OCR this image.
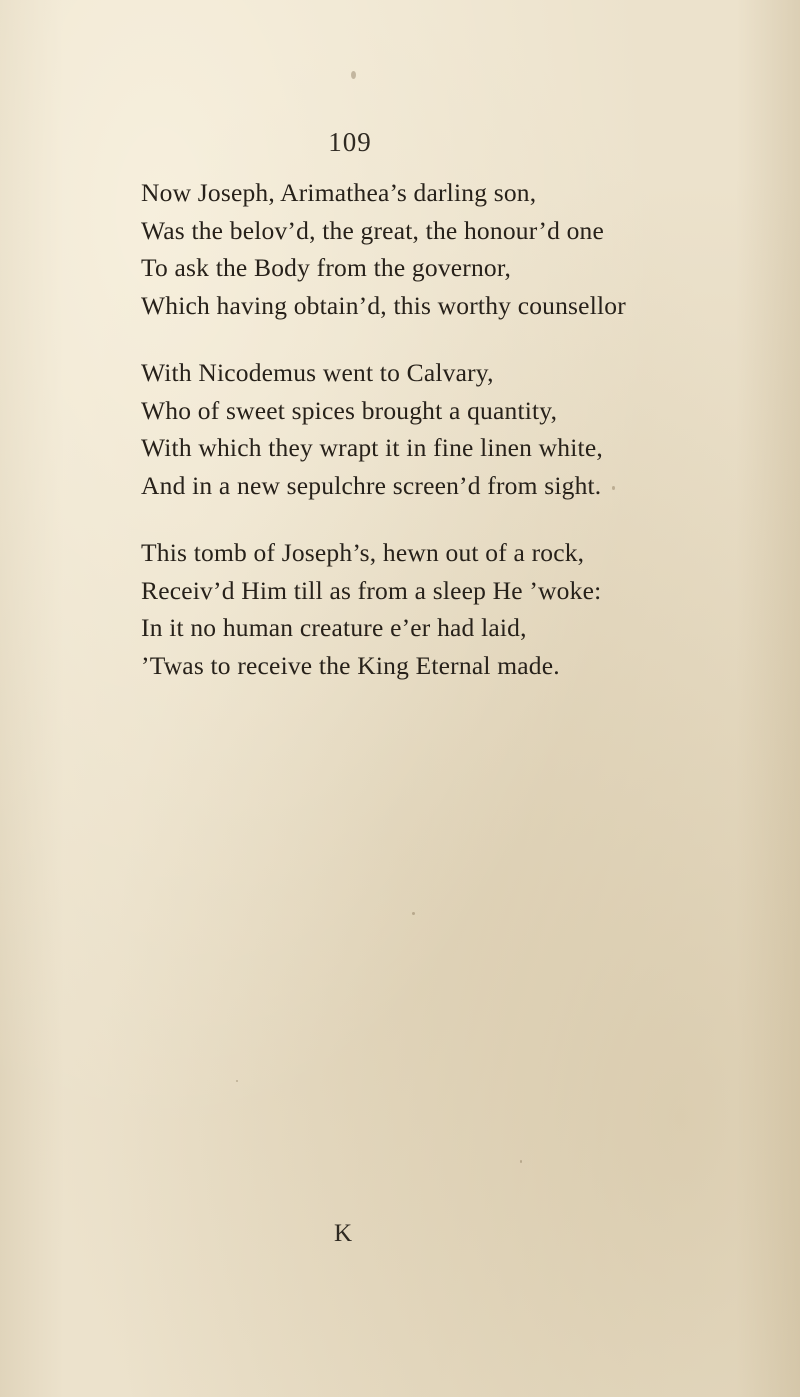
109
Now Joseph, Arimathea’s darling son,
Was the belov’d, the great, the honour’d one
To ask the Body from the governor,
Which having obtain’d, this worthy counsellor
With Nicodemus went to Calvary,
Who of sweet spices brought a quantity,
With which they wrapt it in fine linen white,
And in a new sepulchre screen’d from sight.
This tomb of Joseph’s, hewn out of a rock,
Receiv’d Him till as from a sleep He ’woke:
In it no human creature e’er had laid,
’Twas to receive the King Eternal made.
K
